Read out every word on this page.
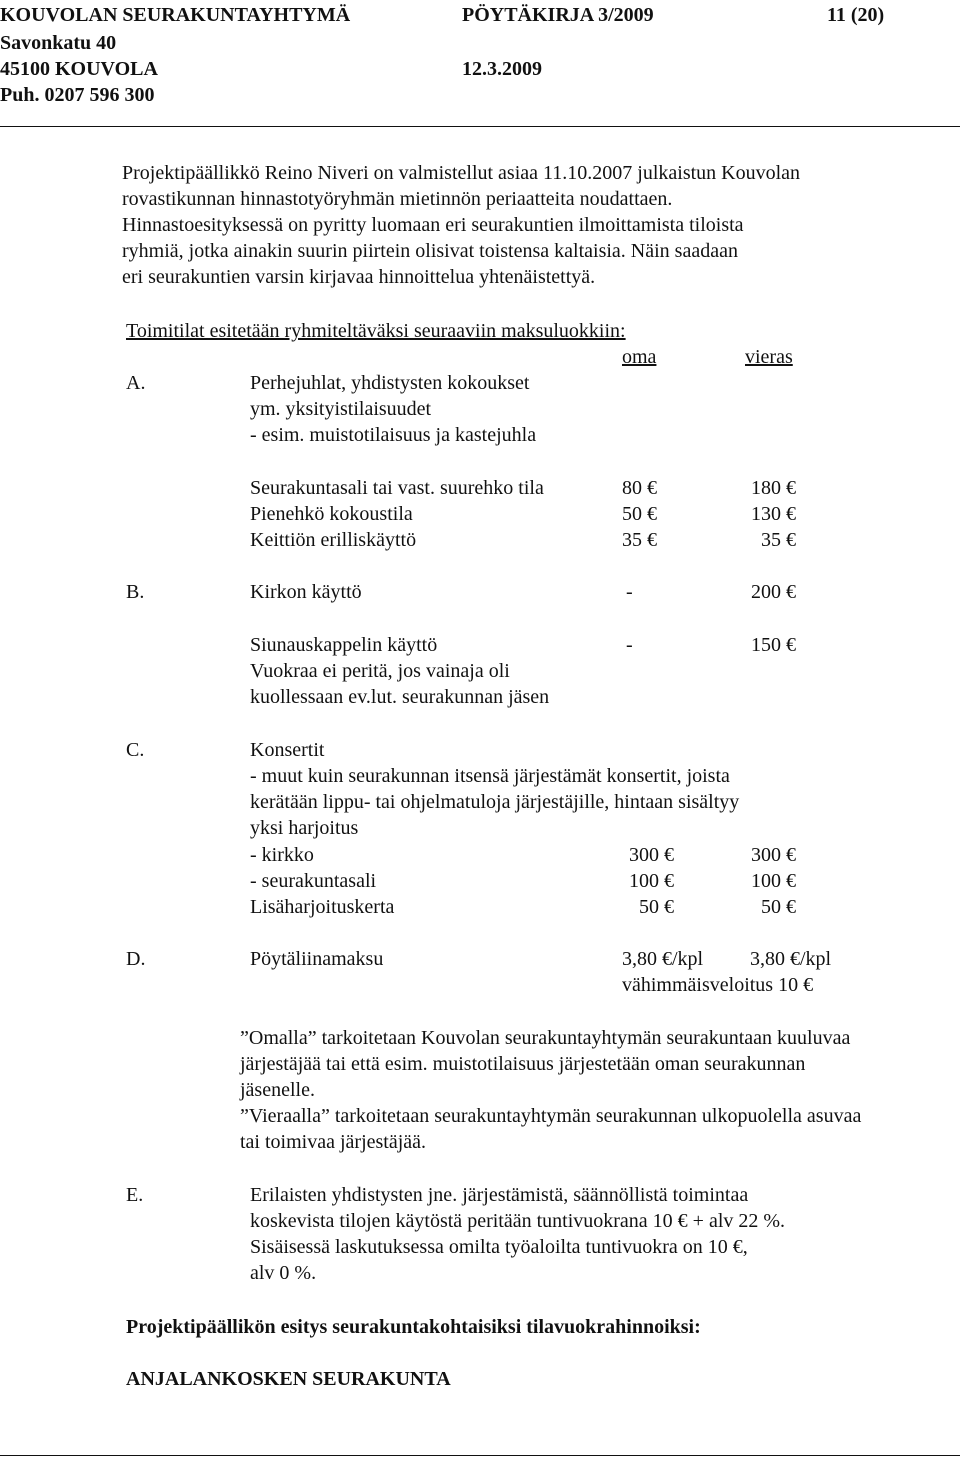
KOUVOLAN SEURAKUNTAYHTYMÄ	PÖYTÄKIRJA 3/2009	11 (20)
Savonkatu 40
45100 KOUVOLA	12.3.2009
Puh. 0207 596 300
Projektipäällikkö Reino Niveri on valmistellut asiaa 11.10.2007 julkaistun Kouvolan
rovastikunnan hinnastotyöryhmän mietinnön periaatteita noudattaen.
Hinnastoesityksessä on pyritty luomaan eri seurakuntien ilmoittamista tiloista
ryhmiä, jotka ainakin suurin piirtein olisivat toistensa kaltaisia. Näin saadaan
eri seurakuntien varsin kirjavaa hinnoittelua yhtenäistettyä.
Toimitilat esitetään ryhmiteltäväksi seuraaviin maksuluokkiin:
oma	vieras
A.	Perhejuhlat, yhdistysten kokoukset
ym. yksityistilaisuudet
- esim. muistotilaisuus ja kastejuhla
Seurakuntasali tai vast. suurehko tila	80 €	180 €
Pienehkö kokoustila	50 €	130 €
Keittiön erilliskäyttö	35 €	35 €
B.	Kirkon käyttö	-	200 €
Siunauskappelin käyttö	-	150 €
Vuokraa ei peritä, jos vainaja oli
kuollessaan ev.lut. seurakunnan jäsen
C.	Konsertit
- muut kuin seurakunnan itsensä järjestämät konsertit, joista
kerätään lippu- tai ohjelmatuloja järjestäjille, hintaan sisältyy
yksi harjoitus
- kirkko	300 €	300 €
- seurakuntasali	100 €	100 €
Lisäharjoituskerta	50 €	50 €
D.	Pöytäliinamaksu	3,80 €/kpl 3,80 €/kpl
vähimmäisveloitus 10 €
”Omalla” tarkoitetaan Kouvolan seurakuntayhtymän seurakuntaan kuuluvaa
järjestäjää tai että esim. muistotilaisuus järjestetään oman seurakunnan
jäsenelle.
”Vieraalla” tarkoitetaan seurakuntayhtymän seurakunnan ulkopuolella asuvaa
tai toimivaa järjestäjää.
E.	Erilaisten yhdistysten jne. järjestämistä, säännöllistä toimintaa
koskevista tilojen käytöstä peritään tuntivuokrana 10 € + alv 22 %.
Sisäisessä laskutuksessa omilta työaloilta tuntivuokra on 10 €,
alv 0 %.
Projektipäällikön esitys seurakuntakohtaisiksi tilavuokrahinnoiksi:
ANJALANKOSKEN SEURAKUNTA
